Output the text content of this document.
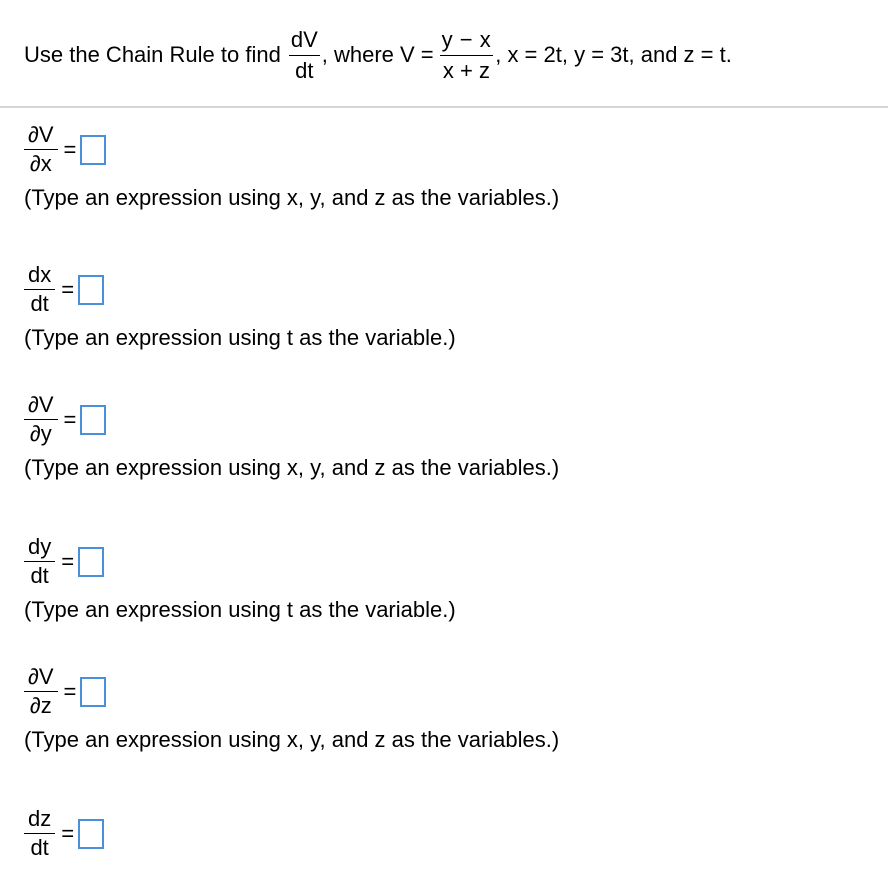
Use the Chain Rule to find $\frac{dV}{dt}$ , where $V = \frac{y - x}{x + z}$ , x = 2t, y = 3t, and z = t.
$\frac{\partial V}{\partial x}$ =
(Type an expression using x, y, and z as the variables.)
$\frac{dx}{dt}$ =
(Type an expression using t as the variable.)
$\frac{\partial V}{\partial y}$ =
(Type an expression using x, y, and z as the variables.)
$\frac{dy}{dt}$ =
(Type an expression using t as the variable.)
$\frac{\partial V}{\partial z}$ =
(Type an expression using x, y, and z as the variables.)
$\frac{dz}{dt}$ =
